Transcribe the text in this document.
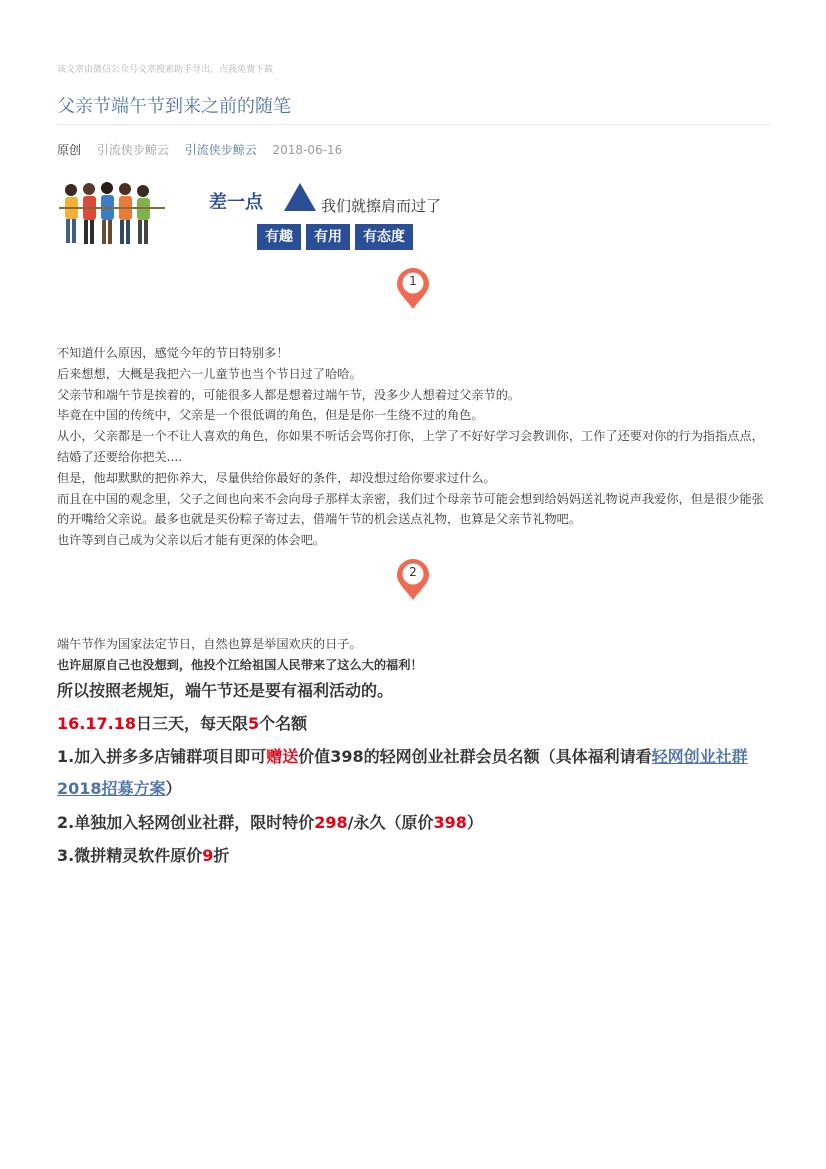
该文章由微信公众号文章搜索助手导出，点我免费下载
父亲节端午节到来之前的随笔
原创 引流侠步鲸云 引流侠步鲸云 2018-06-16
差一点	我们就擦肩而过了
有趣	有用	有态度
1

不知道什么原因，感觉今年的节日特别多！

后来想想，大概是我把六一儿童节也当个节日过了哈哈。

父亲节和端午节是挨着的，可能很多人都是想着过端午节，没多少人想着过父亲节的。

毕竟在中国的传统中，父亲是一个很低调的角色，但是是你一生绕不过的角色。

从小，父亲都是一个不让人喜欢的角色，你如果不听话会骂你打你，上学了不好好学习会教训你，工作了还要对你的行为指指点点，结婚了还要给你把关....

但是，他却默默的把你养大，尽量供给你最好的条件，却没想过给你要求过什么。

而且在中国的观念里，父子之间也向来不会向母子那样太亲密，我们过个母亲节可能会想到给妈妈送礼物说声我爱你，但是很少能张的开嘴给父亲说。最多也就是买份粽子寄过去，借端午节的机会送点礼物，也算是父亲节礼物吧。

也许等到自己成为父亲以后才能有更深的体会吧。

2

端午节作为国家法定节日，自然也算是举国欢庆的日子。

也许屈原自己也没想到，他投个江给祖国人民带来了这么大的福利！

所以按照老规矩，端午节还是要有福利活动的。
16.17.18日三天，每天限5个名额
1.加入拼多多店铺群项目即可赠送价值398的轻网创业社群会员名额（具体福利请看轻网创业社群2018招募方案）
2.单独加入轻网创业社群，限时特价298/永久（原价398）
3.微拼精灵软件原价9折
